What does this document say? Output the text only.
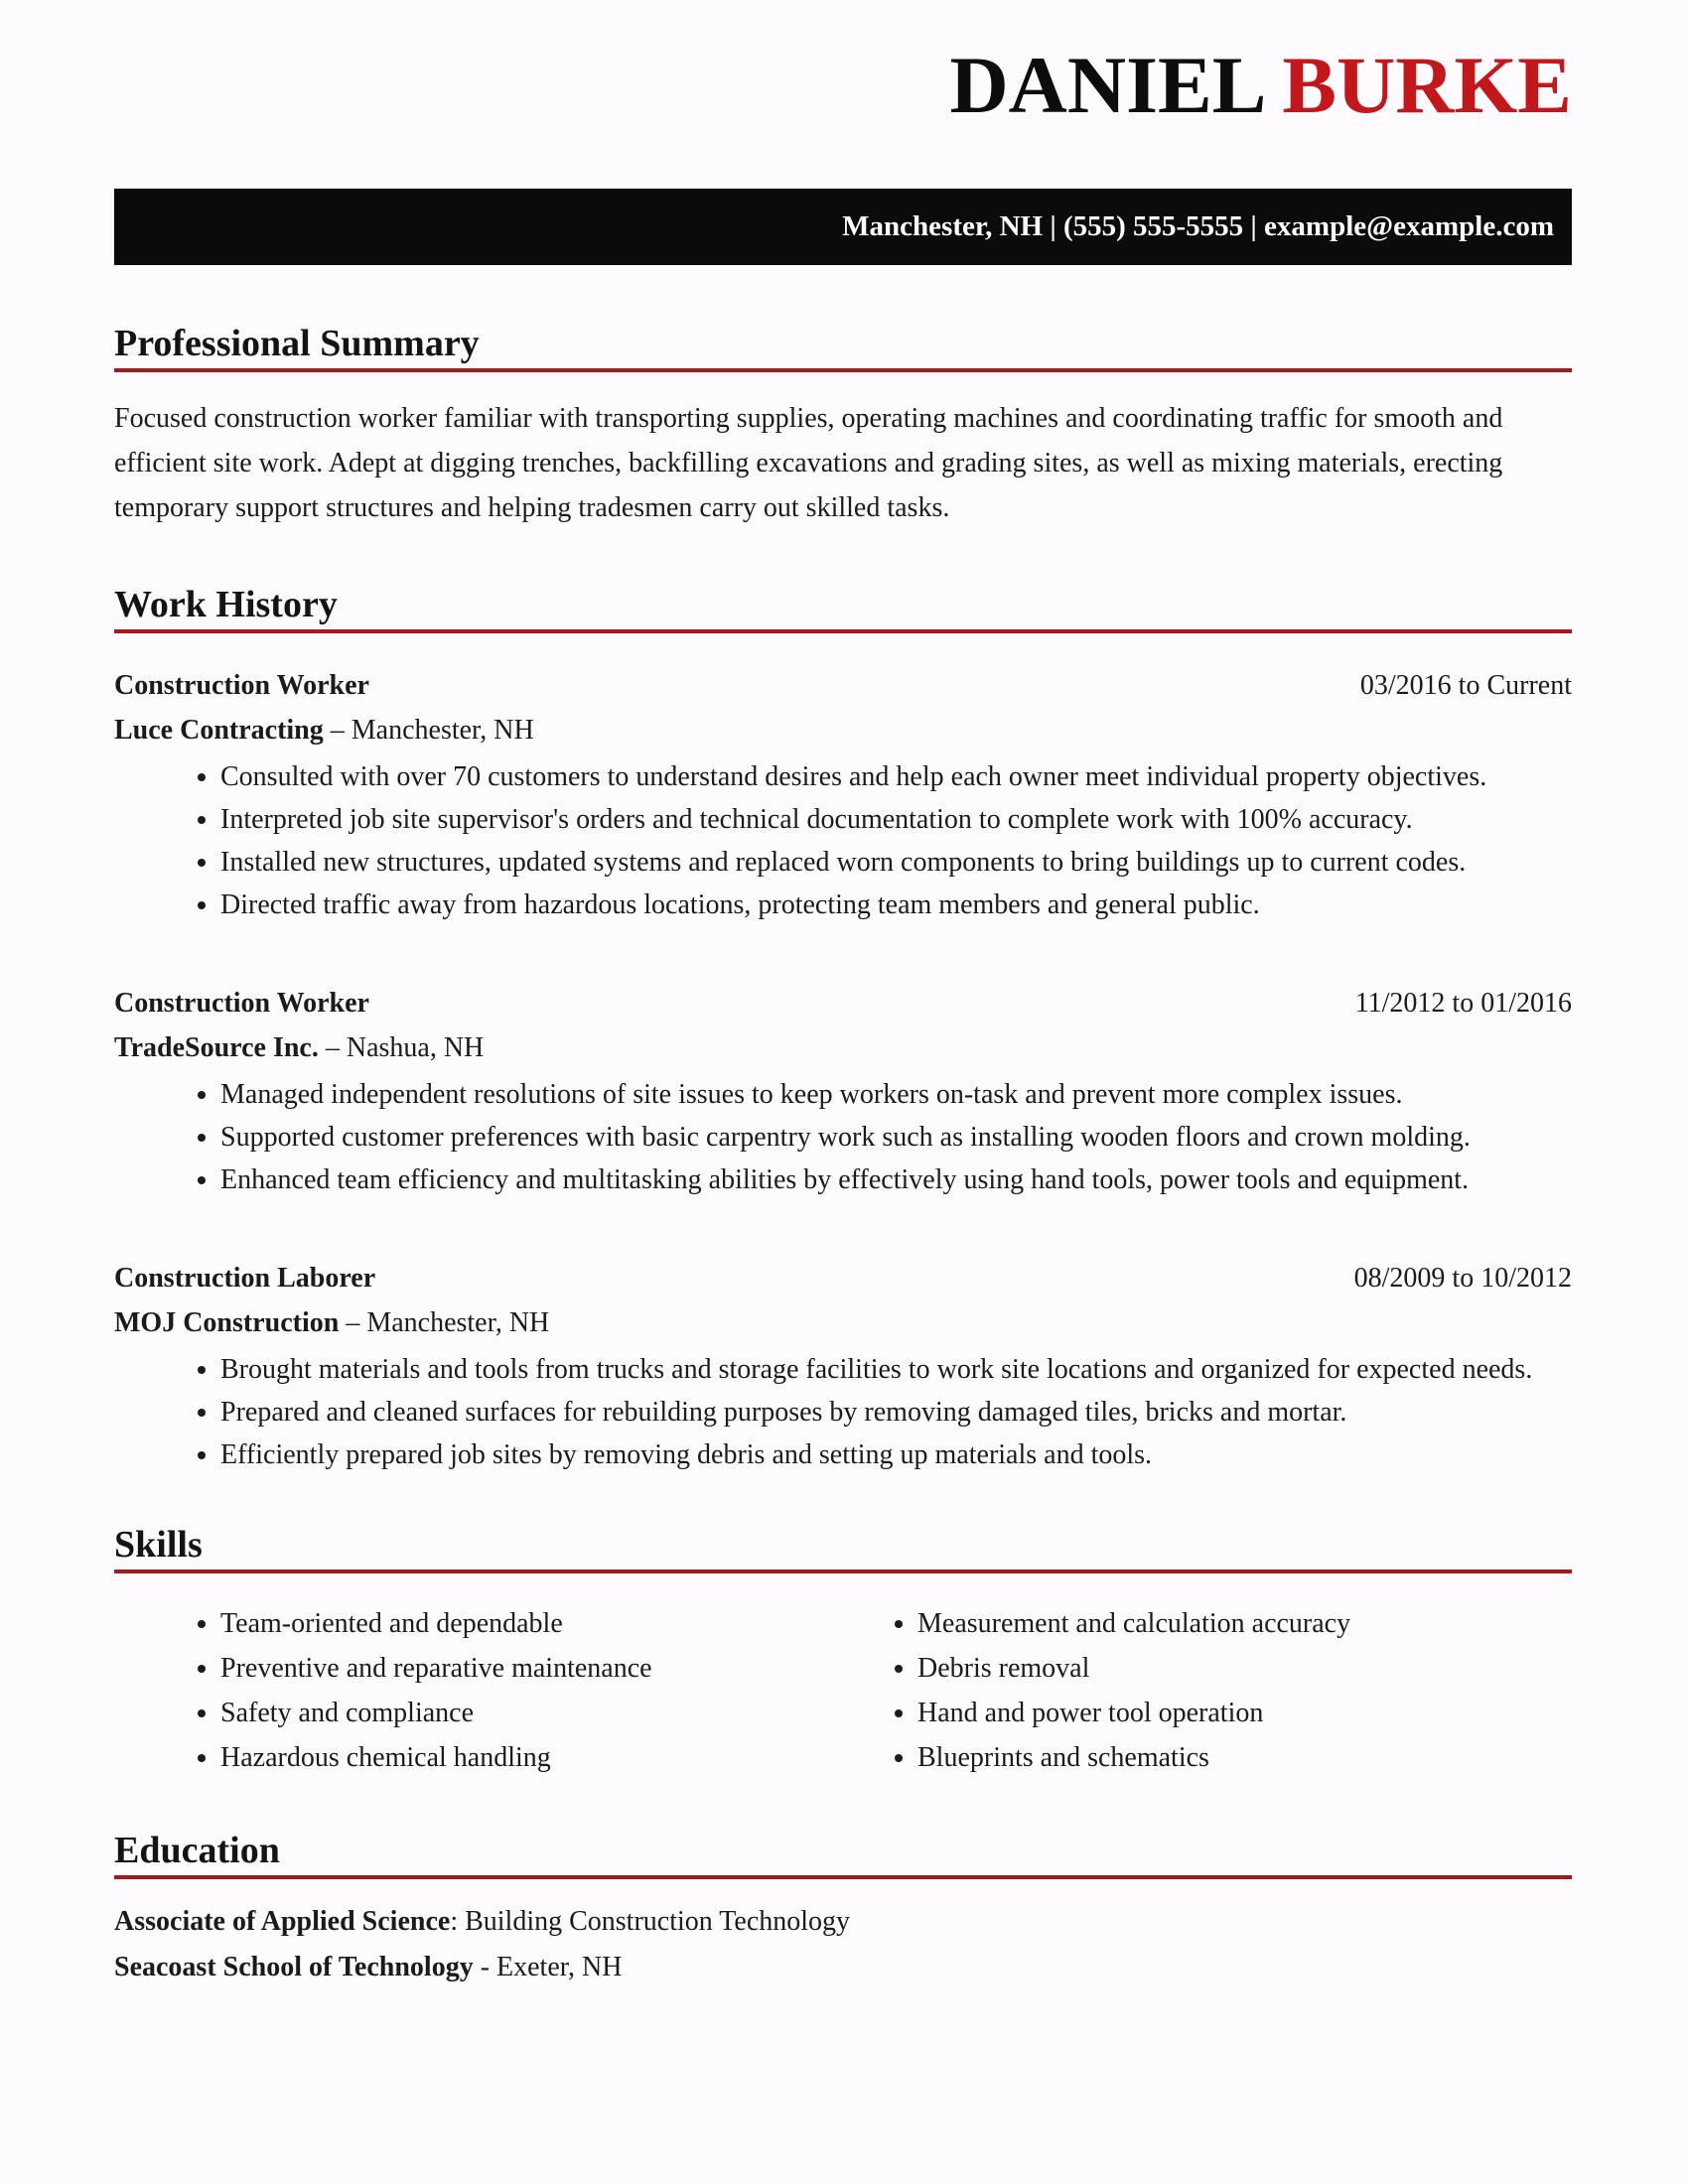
DANIEL BURKE
Manchester, NH | (555) 555-5555 | example@example.com
Professional Summary

Focused construction worker familiar with transporting supplies, operating machines and coordinating traffic for smooth and efficient site work. Adept at digging trenches, backfilling excavations and grading sites, as well as mixing materials, erecting temporary support structures and helping tradesmen carry out skilled tasks.

Work History
Construction Worker	03/2016 to Current
Luce Contracting – Manchester, NH
• Consulted with over 70 customers to understand desires and help each owner meet individual property objectives.
• Interpreted job site supervisor's orders and technical documentation to complete work with 100% accuracy.
• Installed new structures, updated systems and replaced worn components to bring buildings up to current codes.
• Directed traffic away from hazardous locations, protecting team members and general public.
Construction Worker	11/2012 to 01/2016
TradeSource Inc. – Nashua, NH
• Managed independent resolutions of site issues to keep workers on-task and prevent more complex issues.
• Supported customer preferences with basic carpentry work such as installing wooden floors and crown molding.
• Enhanced team efficiency and multitasking abilities by effectively using hand tools, power tools and equipment.
Construction Laborer	08/2009 to 10/2012
MOJ Construction – Manchester, NH
• Brought materials and tools from trucks and storage facilities to work site locations and organized for expected needs.
• Prepared and cleaned surfaces for rebuilding purposes by removing damaged tiles, bricks and mortar.
• Efficiently prepared job sites by removing debris and setting up materials and tools.
Skills
• Team-oriented and dependable
• Preventive and reparative maintenance
• Safety and compliance
• Hazardous chemical handling
• Measurement and calculation accuracy
• Debris removal
• Hand and power tool operation
• Blueprints and schematics
Education
Associate of Applied Science: Building Construction Technology
Seacoast School of Technology - Exeter, NH
